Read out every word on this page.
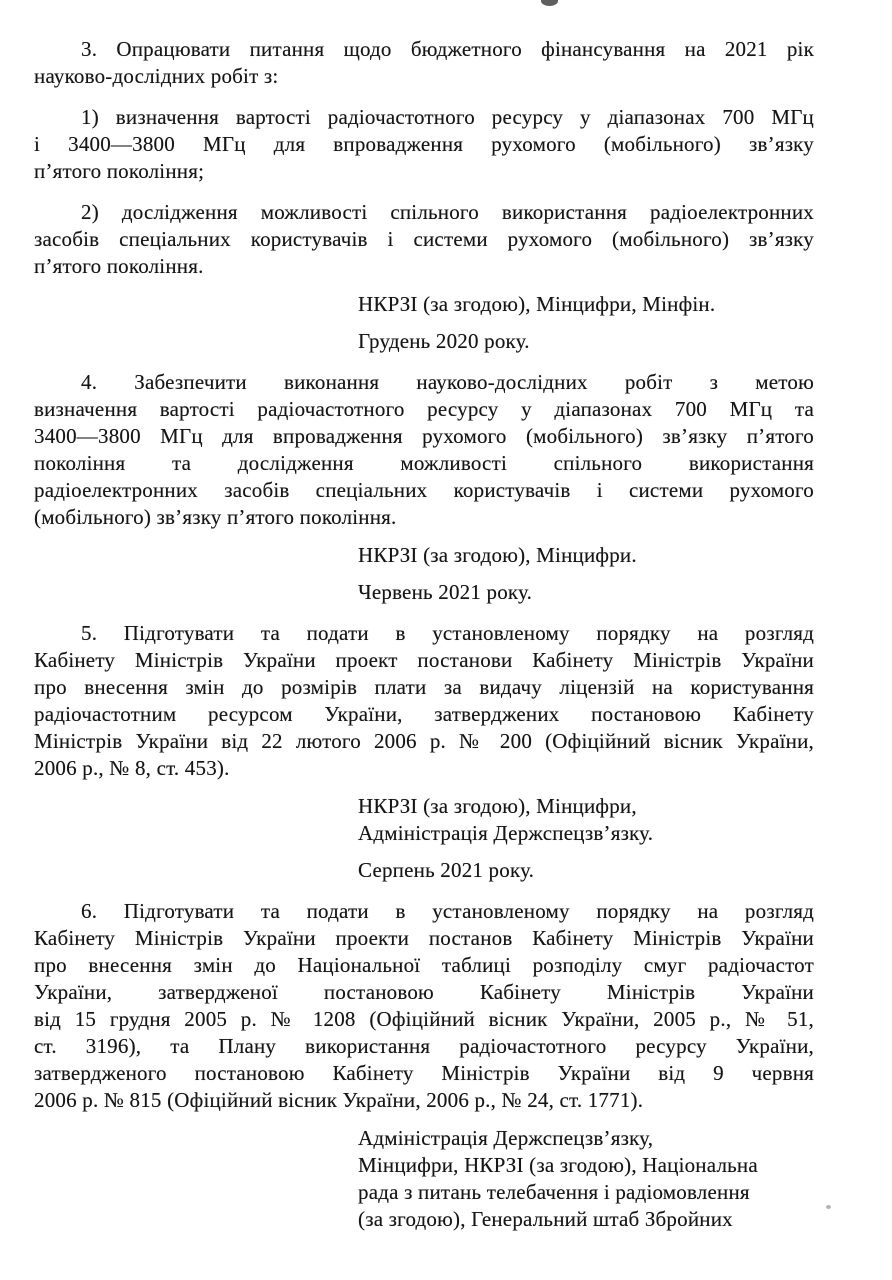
3. Опрацювати питання щодо бюджетного фінансування на 2021 рік
науково-дослідних робіт з:
1) визначення вартості радіочастотного ресурсу у діапазонах 700 МГц
і 3400—3800 МГц для впровадження рухомого (мобільного) зв’язку
п’ятого покоління;
2) дослідження можливості спільного використання радіоелектронних
засобів спеціальних користувачів і системи рухомого (мобільного) зв’язку
п’ятого покоління.
НКРЗІ (за згодою), Мінцифри, Мінфін.
Грудень 2020 року.
4. Забезпечити виконання науково-дослідних робіт з метою
визначення вартості радіочастотного ресурсу у діапазонах 700 МГц та
3400—3800 МГц для впровадження рухомого (мобільного) зв’язку п’ятого
покоління та дослідження можливості спільного використання
радіоелектронних засобів спеціальних користувачів і системи рухомого
(мобільного) зв’язку п’ятого покоління.
НКРЗІ (за згодою), Мінцифри.
Червень 2021 року.
5. Підготувати та подати в установленому порядку на розгляд
Кабінету Міністрів України проект постанови Кабінету Міністрів України
про внесення змін до розмірів плати за видачу ліцензій на користування
радіочастотним ресурсом України, затверджених постановою Кабінету
Міністрів України від 22 лютого 2006 р. № 200 (Офіційний вісник України,
2006 р., № 8, ст. 453).
НКРЗІ (за згодою), Мінцифри,
Адміністрація Держспецзв’язку.
Серпень 2021 року.
6. Підготувати та подати в установленому порядку на розгляд
Кабінету Міністрів України проекти постанов Кабінету Міністрів України
про внесення змін до Національної таблиці розподілу смуг радіочастот
України, затвердженої постановою Кабінету Міністрів України
від 15 грудня 2005 р. № 1208 (Офіційний вісник України, 2005 р., № 51,
ст. 3196), та Плану використання радіочастотного ресурсу України,
затвердженого постановою Кабінету Міністрів України від 9 червня
2006 р. № 815 (Офіційний вісник України, 2006 р., № 24, ст. 1771).
Адміністрація Держспецзв’язку,
Мінцифри, НКРЗІ (за згодою), Національна
рада з питань телебачення і радіомовлення
(за згодою), Генеральний штаб Збройних
